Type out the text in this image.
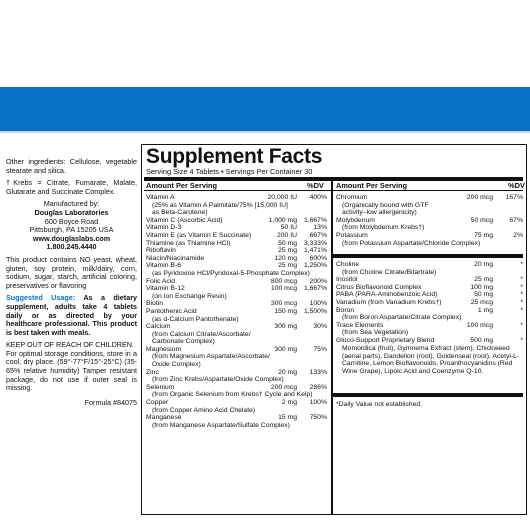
Other ingredients: Cellulose, vegetable stearate and silica.

†Krebs = Citrate, Fumarate, Malate, Glutarate and Succinate Complex.

Manufactured by:
Douglas Laboratories
600 Boyce Road
Pittsburgh, PA 15205 USA
www.douglaslabs.com
1.800.245.4440

This product contains NO yeast, wheat, gluten, soy protein, milk/dairy, corn, sodium, sugar, starch, artificial coloring, preservatives or flavoring

Suggested Usage: As a dietary supplement, adults take 4 tablets daily or as directed by your healthcare professional. This product is best taken with meals.

KEEP OUT OF REACH OF CHILDREN.

For optimal storage conditions, store in a cool, dry place. (59°-77°F/15°-25°C) (35-65% relative humidity) Tamper resistant package, do not use if outer seal is missing.

Formula #84075
Supplement Facts
Serving Size 4 Tablets • Servings Per Container 30
Amount Per Serving	%DV Amount Per Serving	%DV
Vitamin A	20,000 IU 400%
(25% as Vitamin A Palmitate/75% [15,000 IU]
as Beta-Carotene)
Vitamin C (Ascorbic Acid)	1,000 mg 1,667%
Vitamin D-3	50 IU 13%
Vitamin E (as Vitamin E Succinate)	200 IU 667%
Thiamine (as Thiamine HCl)	50 mg 3,333%
Riboflavin	25 mg 1,471%
Niacin/Niacinamide	120 mg 600%
Vitamin B-6	25 mg 1,250%
(as Pyridoxine HCl/Pyridoxal-5-Phosphate Complex)
Folic Acid	800 mcg 200%
Vitamin B-12	100 mcg 1,667%
(on Ion Exchange Resin)
Biotin	300 mcg 100%
Pantothenic Acid	150 mg 1,500%
(as d-Calcium Pantothenate)
Calcium	300 mg 30%
(from Calcium Citrate/Ascorbate/
Carbonate Complex)
Magnesium	300 mg 75%
(from Magnesium Aspartate/Ascorbate/
Oxide Complex)
Zinc	20 mg 133%
(from Zinc Krebs/Aspartate/Oxide Complex)
Selenium	200 mcg 286%
(from Organic Selenium from Krebs† Cycle and Kelp)
Copper	2 mg 100%
(from Copper Amino Acid Chelate)
Manganese	15 mg 750%
(from Manganese Aspartate/Sulfate Complex)
Chromium	200 mcg 167%
(Organically bound with GTF
activity–low allergenicity)
Molybdenum	50 mcg 67%
(from Molybdenum Krebs†)
Potassium	75 mg	2%
(from Potassium Aspartate/Chloride Complex)
Choline	20 mg	*
(from Choline Citrate/Bitartrate)
Inositol	25 mg	*
Citrus Bioflavonoid Complex	100 mg	*
PABA (PARA-Aminobenzoic Acid)	50 mg	*
Vanadium (from Vanadium Krebs†)	25 mcg	*
Boron	1 mg	*
(from Boron Aspartate/Citrate Complex)
Trace Elements	100 mcg	*
(from Sea Vegetation)
Gluco-Support Proprietary Blend	500 mg	*
Momordica (fruit), Gymnema Exfract (stem), Chickweed (aerial parts), Dandelion (root), Goldenseal (root), Acetyl-L-Carnitine, Lemon Bioflavonoids, Proanthocyanidins (Red Wine Grape), Lipoic Acid and Coenzyme Q-10.
*Daily Value not established.
